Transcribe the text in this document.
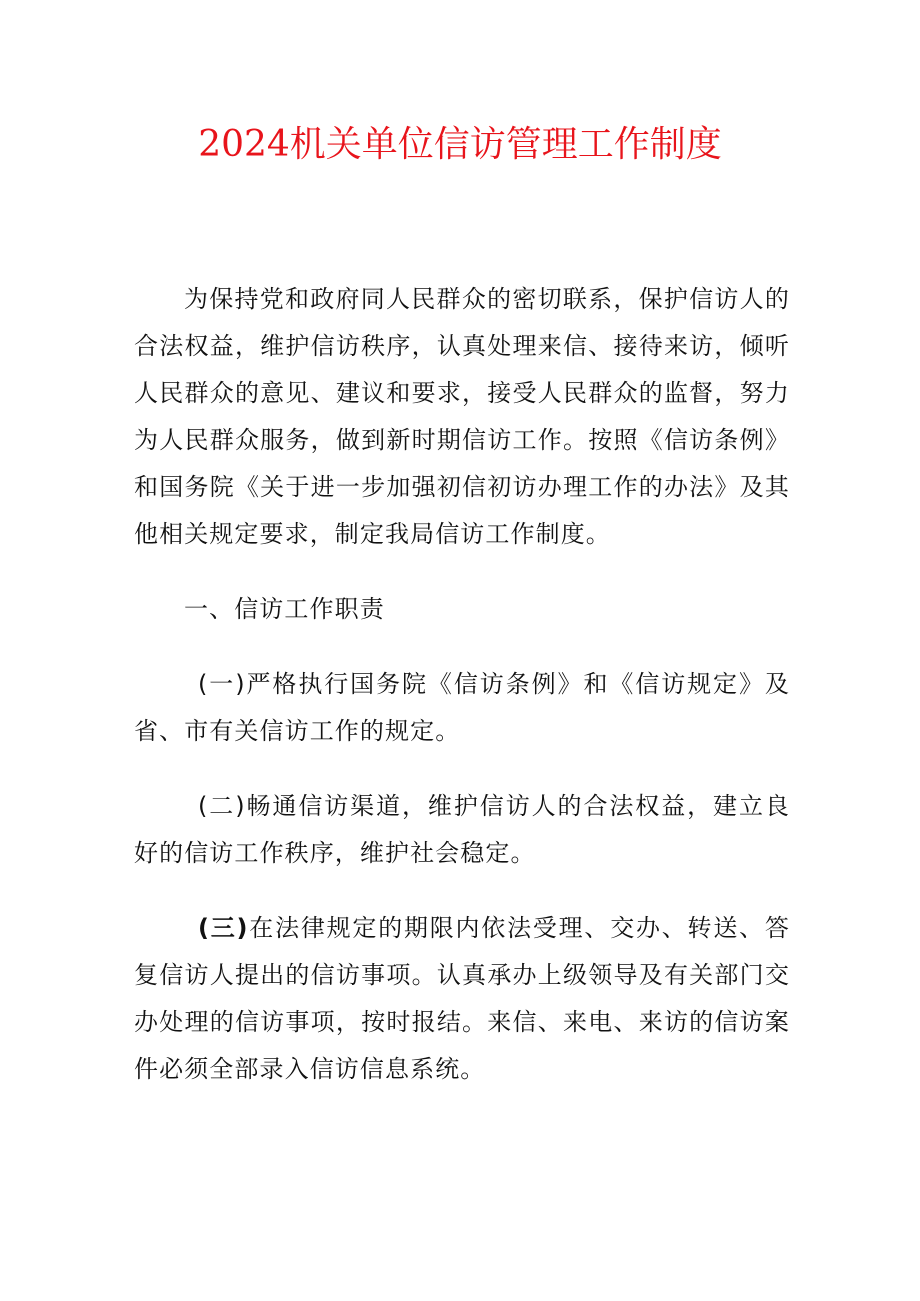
2024机关单位信访管理工作制度

为保持党和政府同人民群众的密切联系，保护信访人的合法权益，维护信访秩序，认真处理来信、接待来访，倾听人民群众的意见、建议和要求，接受人民群众的监督，努力为人民群众服务，做到新时期信访工作。按照《信访条例》和国务院《关于进一步加强初信初访办理工作的办法》及其他相关规定要求，制定我局信访工作制度。

一、信访工作职责

(一)严格执行国务院《信访条例》和《信访规定》及省、市有关信访工作的规定。

(二)畅通信访渠道，维护信访人的合法权益，建立良好的信访工作秩序，维护社会稳定。

(三)在法律规定的期限内依法受理、交办、转送、答复信访人提出的信访事项。认真承办上级领导及有关部门交办处理的信访事项，按时报结。来信、来电、来访的信访案件必须全部录入信访信息系统。
